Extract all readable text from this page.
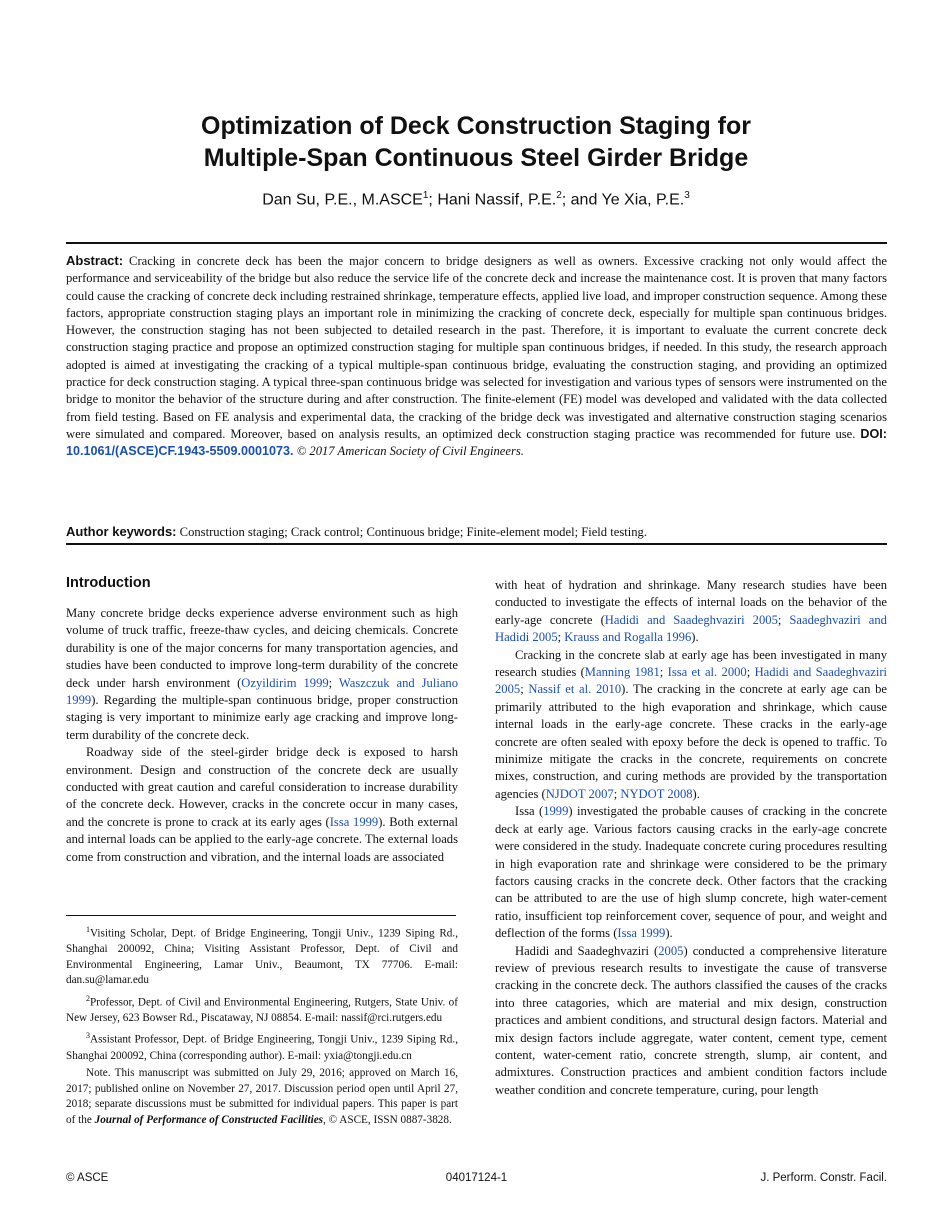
Optimization of Deck Construction Staging for
Multiple-Span Continuous Steel Girder Bridge
Dan Su, P.E., M.ASCE$^1$; Hani Nassif, P.E.$^2$; and Ye Xia, P.E.$^3$

Abstract: Cracking in concrete deck has been the major concern to bridge designers as well as owners. Excessive cracking not only would affect the performance and serviceability of the bridge but also reduce the service life of the concrete deck and increase the maintenance cost. It is proven that many factors could cause the cracking of concrete deck including restrained shrinkage, temperature effects, applied live load, and improper construction sequence. Among these factors, appropriate construction staging plays an important role in minimizing the cracking of concrete deck, especially for multiple span continuous bridges. However, the construction staging has not been subjected to detailed research in the past. Therefore, it is important to evaluate the current concrete deck construction staging practice and propose an optimized construction staging for multiple span continuous bridges, if needed. In this study, the research approach adopted is aimed at investigating the cracking of a typical multiple-span continuous bridge, evaluating the construction staging, and providing an optimized practice for deck construction staging. A typical three-span continuous bridge was selected for investigation and various types of sensors were instrumented on the bridge to monitor the behavior of the structure during and after construction. The finite-element (FE) model was developed and validated with the data collected from field testing. Based on FE analysis and experimental data, the cracking of the bridge deck was investigated and alternative construction staging scenarios were simulated and compared. Moreover, based on analysis results, an optimized deck construction staging practice was recommended for future use. DOI: 10.1061/(ASCE)CF.1943-5509.0001073. © 2017 American Society of Civil Engineers.

Author keywords: Construction staging; Crack control; Continuous bridge; Finite-element model; Field testing.

Introduction

Many concrete bridge decks experience adverse environment such as high volume of truck traffic, freeze-thaw cycles, and deicing chemicals. Concrete durability is one of the major concerns for many transportation agencies, and studies have been conducted to improve long-term durability of the concrete deck under harsh environment (Ozyildirim 1999; Waszczuk and Juliano 1999). Regarding the multiple-span continuous bridge, proper construction staging is very important to minimize early age cracking and improve long-term durability of the concrete deck.

Roadway side of the steel-girder bridge deck is exposed to harsh environment. Design and construction of the concrete deck are usually conducted with great caution and careful consideration to increase durability of the concrete deck. However, cracks in the concrete occur in many cases, and the concrete is prone to crack at its early ages (Issa 1999). Both external and internal loads can be applied to the early-age concrete. The external loads come from construction and vibration, and the internal loads are associated

$^1$Visiting Scholar, Dept. of Bridge Engineering, Tongji Univ., 1239 Siping Rd., Shanghai 200092, China; Visiting Assistant Professor, Dept. of Civil and Environmental Engineering, Lamar Univ., Beaumont, TX 77706. E-mail: dan.su@lamar.edu

$^2$Professor, Dept. of Civil and Environmental Engineering, Rutgers, State Univ. of New Jersey, 623 Bowser Rd., Piscataway, NJ 08854. E-mail: nassif@rci.rutgers.edu

$^3$Assistant Professor, Dept. of Bridge Engineering, Tongji Univ., 1239 Siping Rd., Shanghai 200092, China (corresponding author). E-mail: yxia@tongji.edu.cn

Note. This manuscript was submitted on July 29, 2016; approved on March 16, 2017; published online on November 27, 2017. Discussion period open until April 27, 2018; separate discussions must be submitted for individual papers. This paper is part of the Journal of Performance of Constructed Facilities, © ASCE, ISSN 0887-3828.

with heat of hydration and shrinkage. Many research studies have been conducted to investigate the effects of internal loads on the behavior of the early-age concrete (Hadidi and Saadeghvaziri 2005; Saadeghvaziri and Hadidi 2005; Krauss and Rogalla 1996).

Cracking in the concrete slab at early age has been investigated in many research studies (Manning 1981; Issa et al. 2000; Hadidi and Saadeghvaziri 2005; Nassif et al. 2010). The cracking in the concrete at early age can be primarily attributed to the high evaporation and shrinkage, which cause internal loads in the early-age concrete. These cracks in the early-age concrete are often sealed with epoxy before the deck is opened to traffic. To minimize mitigate the cracks in the concrete, requirements on concrete mixes, construction, and curing methods are provided by the transportation agencies (NJDOT 2007; NYDOT 2008).

Issa (1999) investigated the probable causes of cracking in the concrete deck at early age. Various factors causing cracks in the early-age concrete were considered in the study. Inadequate concrete curing procedures resulting in high evaporation rate and shrinkage were considered to be the primary factors causing cracks in the concrete deck. Other factors that the cracking can be attributed to are the use of high slump concrete, high water-cement ratio, insufficient top reinforcement cover, sequence of pour, and weight and deflection of the forms (Issa 1999).

Hadidi and Saadeghvaziri (2005) conducted a comprehensive literature review of previous research results to investigate the cause of transverse cracking in the concrete deck. The authors classified the causes of the cracks into three catagories, which are material and mix design, construction practices and ambient conditions, and structural design factors. Material and mix design factors include aggregate, water content, cement type, cement content, water-cement ratio, concrete strength, slump, air content, and admixtures. Construction practices and ambient condition factors include weather condition and concrete temperature, curing, pour length

04017124-1
© ASCE	J. Perform. Constr. Facil.
